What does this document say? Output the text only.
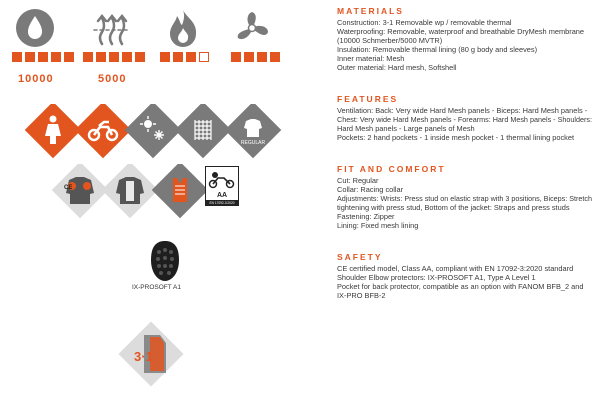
10000	5000
REGULAR
CE
AA
EN 17092-3:2020
IX-PROSOFT A1
3·1
MATERIALS
Construction: 3-1 Removable wp / removable thermal
Waterproofing: Removable, waterproof and breathable DryMesh membrane
(10000 Schmerber/5000 MVTR)
Insulation: Removable thermal lining (80 g body and sleeves)
Inner material: Mesh
Outer material: Hard mesh, Softshell
FEATURES
Ventilation: Back: Very wide Hard Mesh panels - Biceps: Hard Mesh panels -
Chest: Very wide Hard Mesh panels - Forearms: Hard Mesh panels - Shoulders:
Hard Mesh panels - Large panels of Mesh
Pockets: 2 hand pockets - 1 inside mesh pocket - 1 thermal lining pocket
FIT AND COMFORT
Cut: Regular
Collar: Racing collar
Adjustments: Wrists: Press stud on elastic strap with 3 positions, Biceps: Stretch
tightening with press stud, Bottom of the jacket: Straps and press studs
Fastening: Zipper
Lining: Fixed mesh lining
SAFETY
CE certified model, Class AA, compliant with EN 17092-3:2020 standard
Shoulder Elbow protectors: IX-PROSOFT A1, Type A Level 1
Pocket for back protector, compatible as an option with FANOM BFB_2 and
IX-PRO BFB-2
